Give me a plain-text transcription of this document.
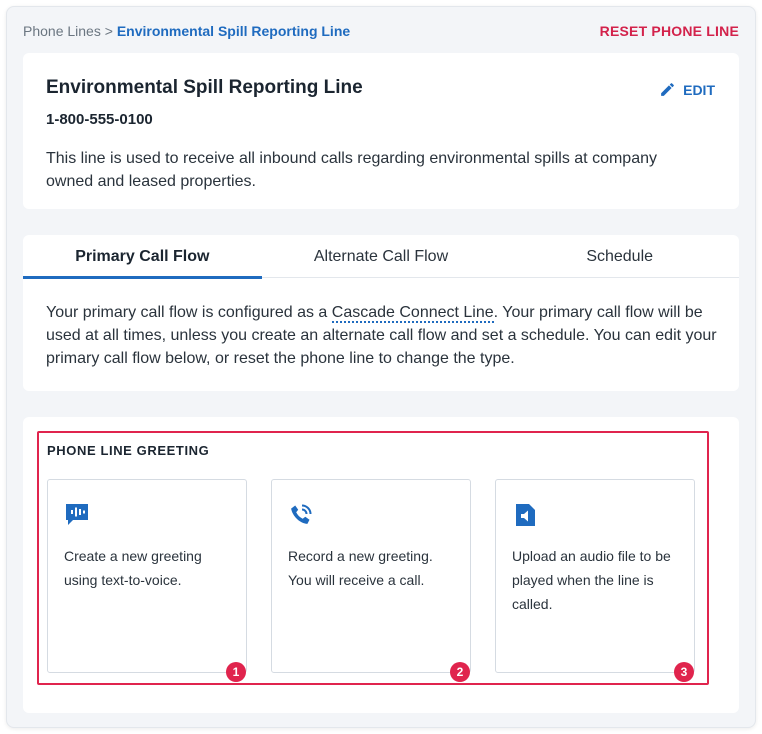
Phone Lines > Environmental Spill Reporting Line	RESET PHONE LINE
Environmental Spill Reporting Line
1-800-555-0100
This line is used to receive all inbound calls regarding environmental spills at company owned and leased properties.
EDIT
Primary Call Flow	Alternate Call Flow	Schedule
Your primary call flow is configured as a Cascade Connect Line. Your primary call flow will be used at all times, unless you create an alternate call flow and set a schedule. You can edit your primary call flow below, or reset the phone line to change the type.
PHONE LINE GREETING
Create a new greeting using text-to-voice.
1
Record a new greeting. You will receive a call.
2
Upload an audio file to be played when the line is called.
3
